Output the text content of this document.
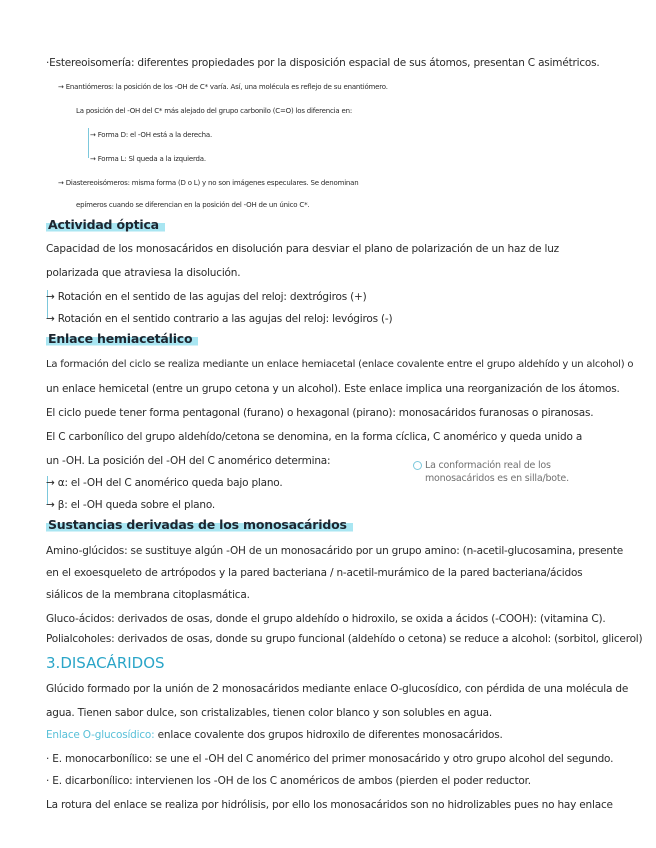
·Estereoisomería: diferentes propiedades por la disposición espacial de sus átomos, presentan C asimétricos.
→ Enantiómeros: la posición de los -OH de C* varía. Así, una molécula es reflejo de su enantiómero.
La posición del -OH del C* más alejado del grupo carbonilo (C=O) los diferencia en:
→ Forma D: el -OH está a la derecha.
→ Forma L: Sl queda a la izquierda.
→ Diastereoisómeros: misma forma (D o L) y no son imágenes especulares. Se denominan
epímeros cuando se diferencian en la posición del -OH de un único C*.
Actividad óptica
Capacidad de los monosacáridos en disolución para desviar el plano de polarización de un haz de luz
polarizada que atraviesa la disolución.
→ Rotación en el sentido de las agujas del reloj: dextrógiros (+)
→ Rotación en el sentido contrario a las agujas del reloj: levógiros (-)
Enlace hemiacetálico
La formación del ciclo se realiza mediante un enlace hemiacetal (enlace covalente entre el grupo aldehído y un alcohol) o
un enlace hemicetal (entre un grupo cetona y un alcohol). Este enlace implica una reorganización de los átomos.
El ciclo puede tener forma pentagonal (furano) o hexagonal (pirano): monosacáridos furanosas o piranosas.
El C carbonílico del grupo aldehído/cetona se denomina, en la forma cíclica, C anomérico y queda unido a
un -OH. La posición del -OH del C anomérico determina:
→ α: el -OH del C anomérico queda bajo plano.
→ β: el -OH queda sobre el plano.
La conformación real de los monosacáridos es en silla/bote.
Sustancias derivadas de los monosacáridos
Amino-glúcidos: se sustituye algún -OH de un monosacárido por un grupo amino: (n-acetil-glucosamina, presente
en el exoesqueleto de artrópodos y la pared bacteriana / n-acetil-murámico de la pared bacteriana/ácidos
siálicos de la membrana citoplasmática.
Gluco-ácidos: derivados de osas, donde el grupo aldehído o hidroxilo, se oxida a ácidos (-COOH): (vitamina C).
Polialcoholes: derivados de osas, donde su grupo funcional (aldehído o cetona) se reduce a alcohol: (sorbitol, glicerol)
3.DISACÁRIDOS
Glúcido formado por la unión de 2 monosacáridos mediante enlace O-glucosídico, con pérdida de una molécula de
agua. Tienen sabor dulce, son cristalizables, tienen color blanco y son solubles en agua.
Enlace O-glucosídico: enlace covalente dos grupos hidroxilo de diferentes monosacáridos.
· E. monocarbonílico: se une el -OH del C anomérico del primer monosacárido y otro grupo alcohol del segundo.
· E. dicarbonílico: intervienen los -OH de los C anoméricos de ambos (pierden el poder reductor.
La rotura del enlace se realiza por hidrólisis, por ello los monosacáridos son no hidrolizables pues no hay enlace
